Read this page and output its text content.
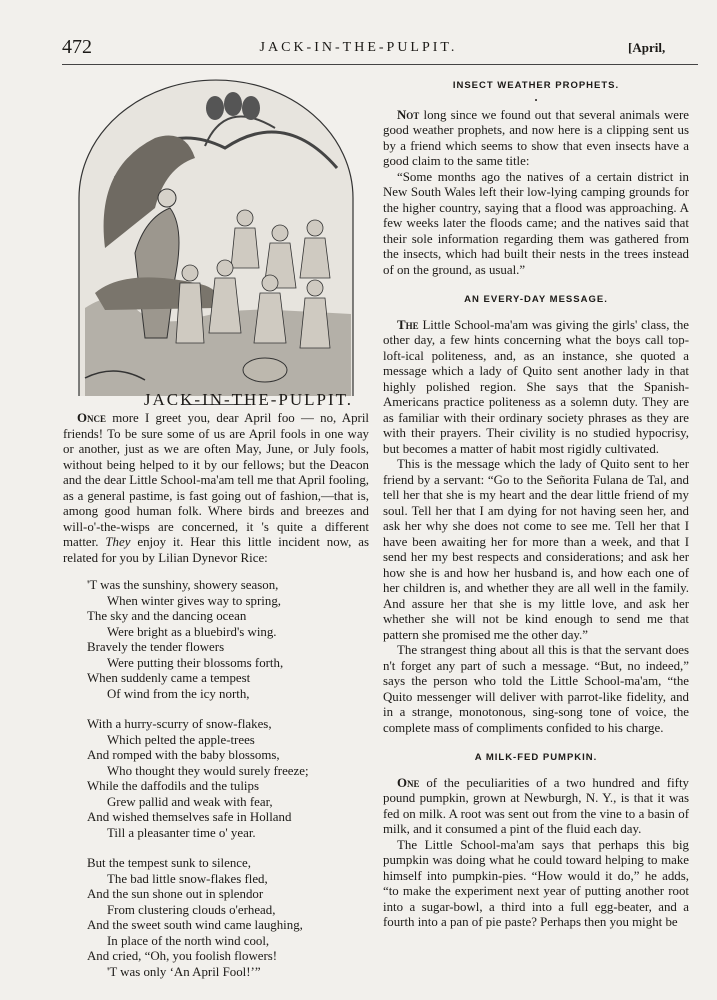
472	JACK-IN-THE-PULPIT.	[April,
JACK-IN-THE-PULPIT.

Once more I greet you, dear April foo — no, April friends! To be sure some of us are April fools in one way or another, just as we are often May, June, or July fools, without being helped to it by our fellows; but the Deacon and the dear Little School-ma'am tell me that April fooling, as a general pastime, is fast going out of fashion,—that is, among good human folk. Where birds and breezes and will-o'-the-wisps are concerned, it 's quite a different matter. They enjoy it. Hear this little incident now, as related for you by Lilian Dynevor Rice:

'T was the sunshiny, showery season,
When winter gives way to spring,
The sky and the dancing ocean
Were bright as a bluebird's wing.
Bravely the tender flowers
Were putting their blossoms forth,
When suddenly came a tempest
Of wind from the icy north,
With a hurry-scurry of snow-flakes,
Which pelted the apple-trees
And romped with the baby blossoms,
Who thought they would surely freeze;
While the daffodils and the tulips
Grew pallid and weak with fear,
And wished themselves safe in Holland
Till a pleasanter time o' year.
But the tempest sunk to silence,
The bad little snow-flakes fled,
And the sun shone out in splendor
From clustering clouds o'erhead,
And the sweet south wind came laughing,
In place of the north wind cool,
And cried, “Oh, you foolish flowers!
'T was only ‘An April Fool!’”
INSECT WEATHER PROPHETS.
•

Not long since we found out that several animals were good weather prophets, and now here is a clipping sent us by a friend which seems to show that even insects have a good claim to the same title:

“Some months ago the natives of a certain district in New South Wales left their low-lying camping grounds for the higher country, saying that a flood was approaching. A few weeks later the floods came; and the natives said that their sole information regarding them was gathered from the insects, which had built their nests in the trees instead of on the ground, as usual.”

AN EVERY-DAY MESSAGE.

The Little School-ma'am was giving the girls' class, the other day, a few hints concerning what the boys call top-loft-ical politeness, and, as an instance, she quoted a message which a lady of Quito sent another lady in that highly polished region. She says that the Spanish-Americans practice politeness as a solemn duty. They are as familiar with their ordinary society phrases as they are with their prayers. Their civility is no studied hypocrisy, but becomes a matter of habit most rigidly cultivated.

This is the message which the lady of Quito sent to her friend by a servant: “Go to the Señorita Fulana de Tal, and tell her that she is my heart and the dear little friend of my soul. Tell her that I am dying for not having seen her, and ask her why she does not come to see me. Tell her that I have been awaiting her for more than a week, and that I send her my best respects and considerations; and ask her how she is and how her husband is, and how each one of her children is, and whether they are all well in the family. And assure her that she is my little love, and ask her whether she will not be kind enough to send me that pattern she promised me the other day.”

The strangest thing about all this is that the servant does n't forget any part of such a message. “But, no indeed,” says the person who told the Little School-ma'am, “the Quito messenger will deliver with parrot-like fidelity, and in a strange, monotonous, sing-song tone of voice, the complete mass of compliments confided to his charge.

A MILK-FED PUMPKIN.

One of the peculiarities of a two hundred and fifty pound pumpkin, grown at Newburgh, N. Y., is that it was fed on milk. A root was sent out from the vine to a basin of milk, and it consumed a pint of the fluid each day.

The Little School-ma'am says that perhaps this big pumpkin was doing what he could toward helping to make himself into pumpkin-pies. “How would it do,” he adds, “to make the experiment next year of putting another root into a sugar-bowl, a third into a full egg-beater, and a fourth into a pan of pie paste? Perhaps then you might be
